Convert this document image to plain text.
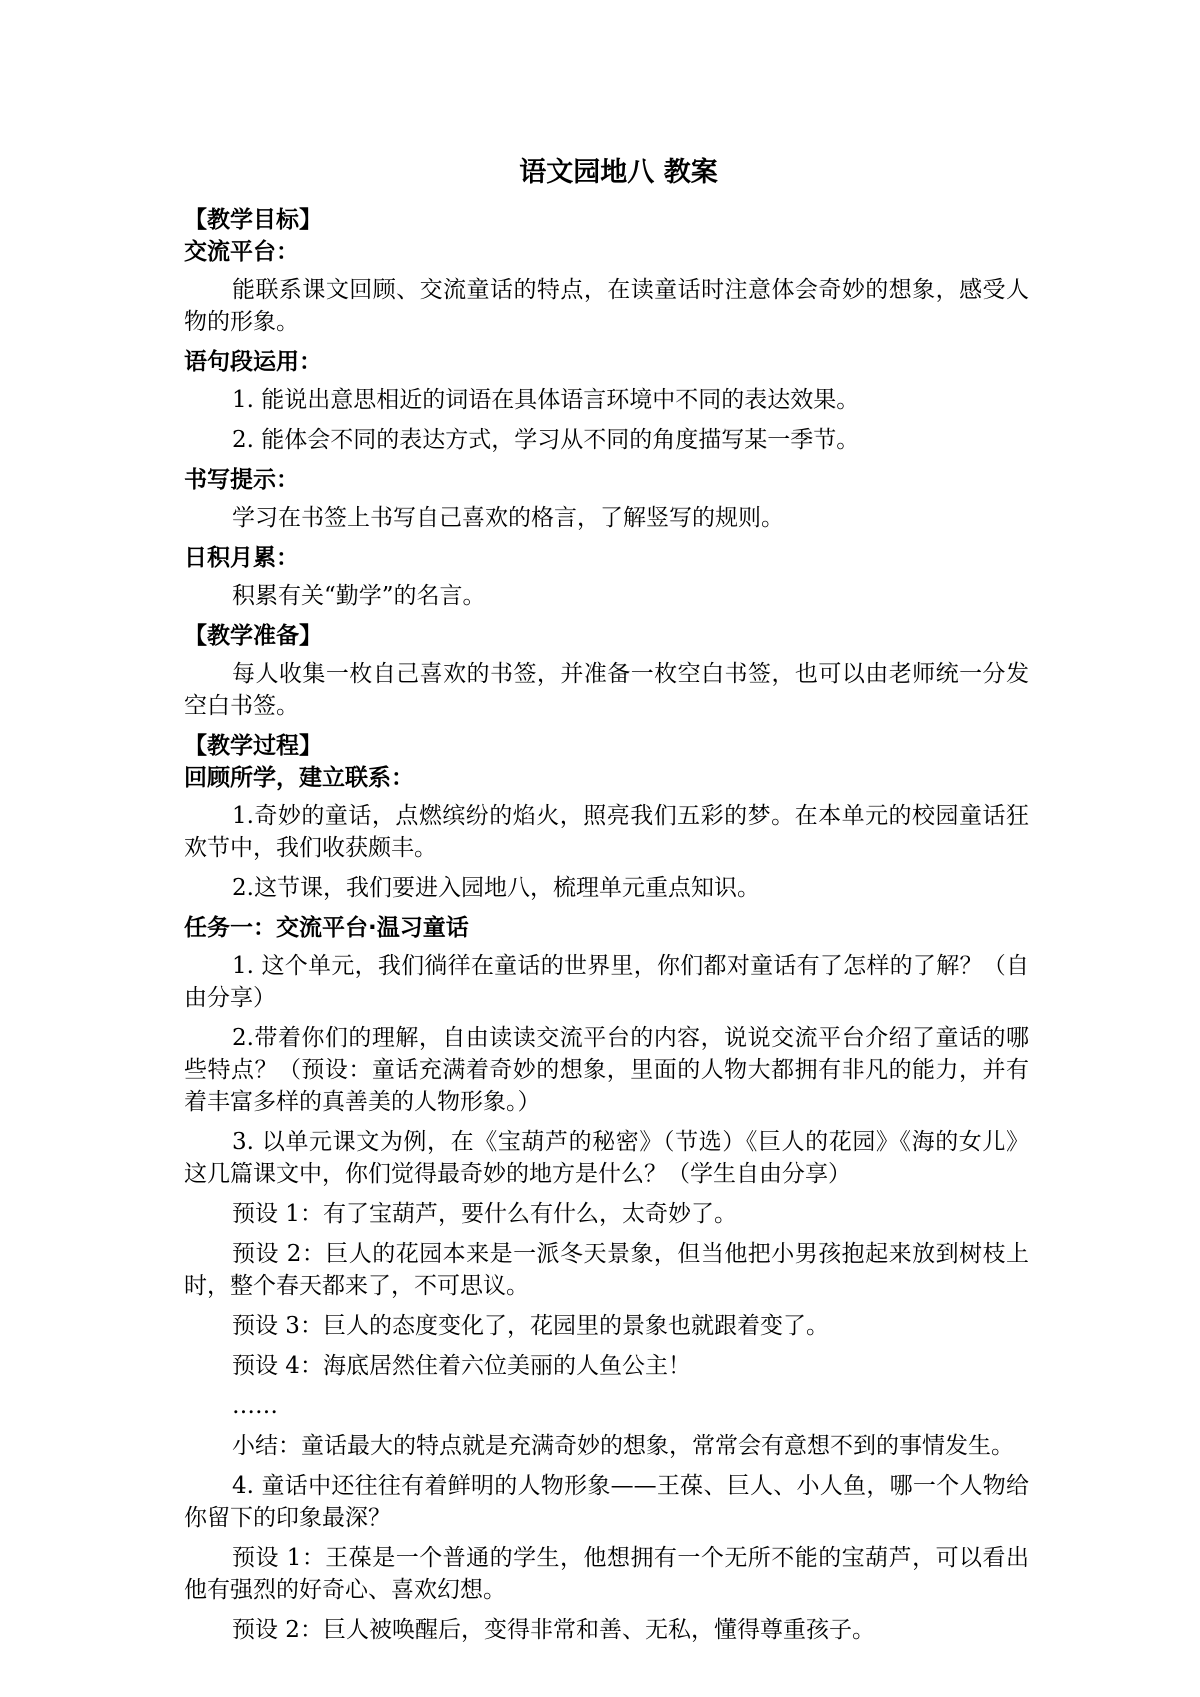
语文园地八 教案
【教学目标】
交流平台：
能联系课文回顾、交流童话的特点，在读童话时注意体会奇妙的想象，感受人物的形象。
语句段运用：
1. 能说出意思相近的词语在具体语言环境中不同的表达效果。
2. 能体会不同的表达方式，学习从不同的角度描写某一季节。
书写提示：
学习在书签上书写自己喜欢的格言，了解竖写的规则。
日积月累：
积累有关“勤学”的名言。
【教学准备】
每人收集一枚自己喜欢的书签，并准备一枚空白书签，也可以由老师统一分发空白书签。
【教学过程】
回顾所学，建立联系：
1.奇妙的童话，点燃缤纷的焰火，照亮我们五彩的梦。在本单元的校园童话狂欢节中，我们收获颇丰。
2.这节课，我们要进入园地八，梳理单元重点知识。
任务一：交流平台·温习童话
1. 这个单元，我们徜徉在童话的世界里，你们都对童话有了怎样的了解？（自由分享）
2.带着你们的理解，自由读读交流平台的内容，说说交流平台介绍了童话的哪些特点？（预设：童话充满着奇妙的想象，里面的人物大都拥有非凡的能力，并有着丰富多样的真善美的人物形象。）
3. 以单元课文为例，在《宝葫芦的秘密》（节选）《巨人的花园》《海的女儿》这几篇课文中，你们觉得最奇妙的地方是什么？（学生自由分享）
预设 1：有了宝葫芦，要什么有什么，太奇妙了。
预设 2：巨人的花园本来是一派冬天景象，但当他把小男孩抱起来放到树枝上时，整个春天都来了，不可思议。
预设 3：巨人的态度变化了，花园里的景象也就跟着变了。
预设 4：海底居然住着六位美丽的人鱼公主！
……
小结：童话最大的特点就是充满奇妙的想象，常常会有意想不到的事情发生。
4. 童话中还往往有着鲜明的人物形象——王葆、巨人、小人鱼，哪一个人物给你留下的印象最深？
预设 1：王葆是一个普通的学生，他想拥有一个无所不能的宝葫芦，可以看出他有强烈的好奇心、喜欢幻想。
预设 2：巨人被唤醒后，变得非常和善、无私，懂得尊重孩子。
